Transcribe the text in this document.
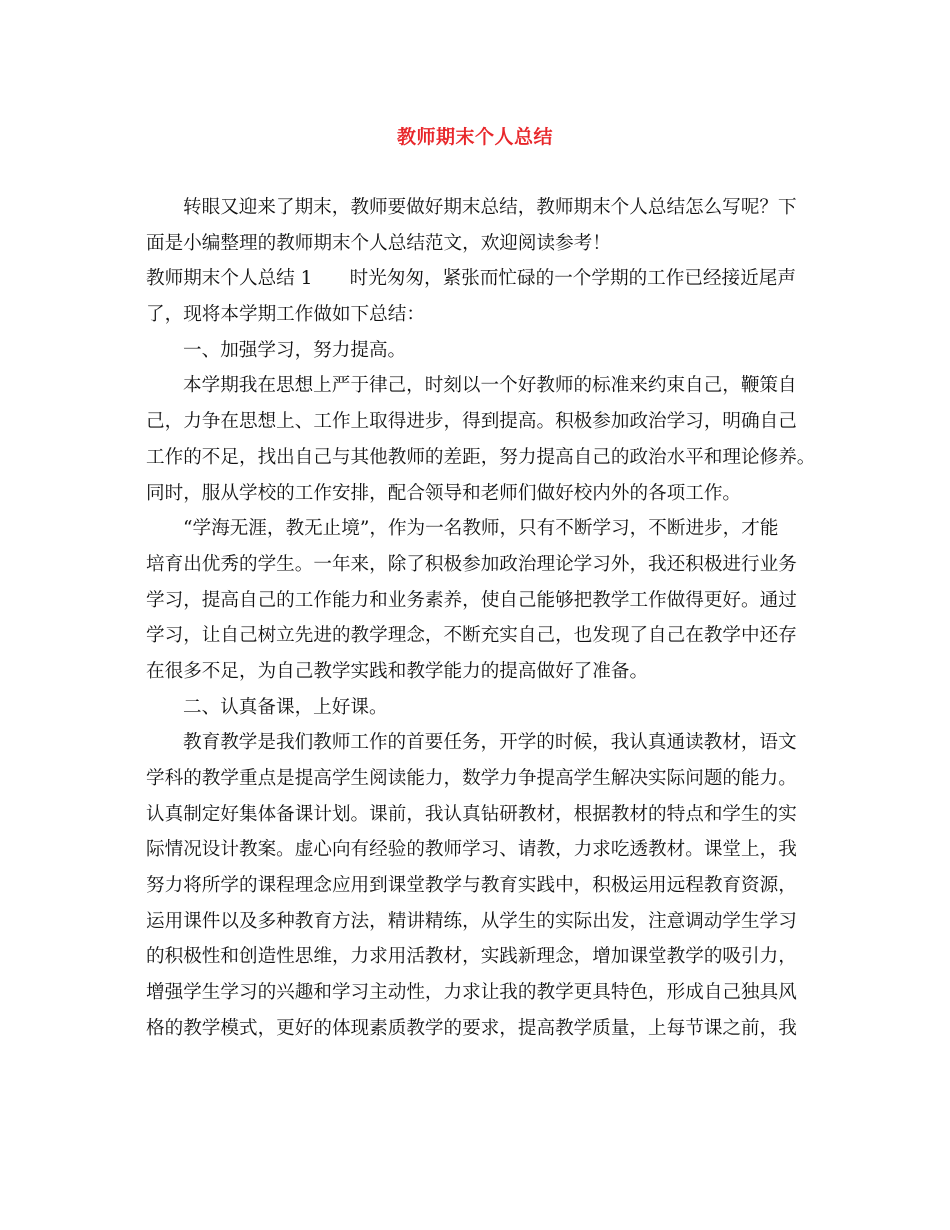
教师期末个人总结
转眼又迎来了期末，教师要做好期末总结，教师期末个人总结怎么写呢？下
面是小编整理的教师期末个人总结范文，欢迎阅读参考！
教师期末个人总结 1　　时光匆匆，紧张而忙碌的一个学期的工作已经接近尾声
了，现将本学期工作做如下总结：
一、加强学习，努力提高。
本学期我在思想上严于律己，时刻以一个好教师的标准来约束自己，鞭策自
己，力争在思想上、工作上取得进步，得到提高。积极参加政治学习，明确自己
工作的不足，找出自己与其他教师的差距，努力提高自己的政治水平和理论修养。
同时，服从学校的工作安排，配合领导和老师们做好校内外的各项工作。
“学海无涯，教无止境”，作为一名教师，只有不断学习，不断进步，才能
培育出优秀的学生。一年来，除了积极参加政治理论学习外，我还积极进行业务
学习，提高自己的工作能力和业务素养，使自己能够把教学工作做得更好。通过
学习，让自己树立先进的教学理念，不断充实自己，也发现了自己在教学中还存
在很多不足，为自己教学实践和教学能力的提高做好了准备。
二、认真备课，上好课。
教育教学是我们教师工作的首要任务，开学的时候，我认真通读教材，语文
学科的教学重点是提高学生阅读能力，数学力争提高学生解决实际问题的能力。
认真制定好集体备课计划。课前，我认真钻研教材，根据教材的特点和学生的实
际情况设计教案。虚心向有经验的教师学习、请教，力求吃透教材。课堂上，我
努力将所学的课程理念应用到课堂教学与教育实践中，积极运用远程教育资源，
运用课件以及多种教育方法，精讲精练，从学生的实际出发，注意调动学生学习
的积极性和创造性思维，力求用活教材，实践新理念，增加课堂教学的吸引力，
增强学生学习的兴趣和学习主动性，力求让我的教学更具特色，形成自己独具风
格的教学模式，更好的体现素质教学的要求，提高教学质量，上每节课之前，我
